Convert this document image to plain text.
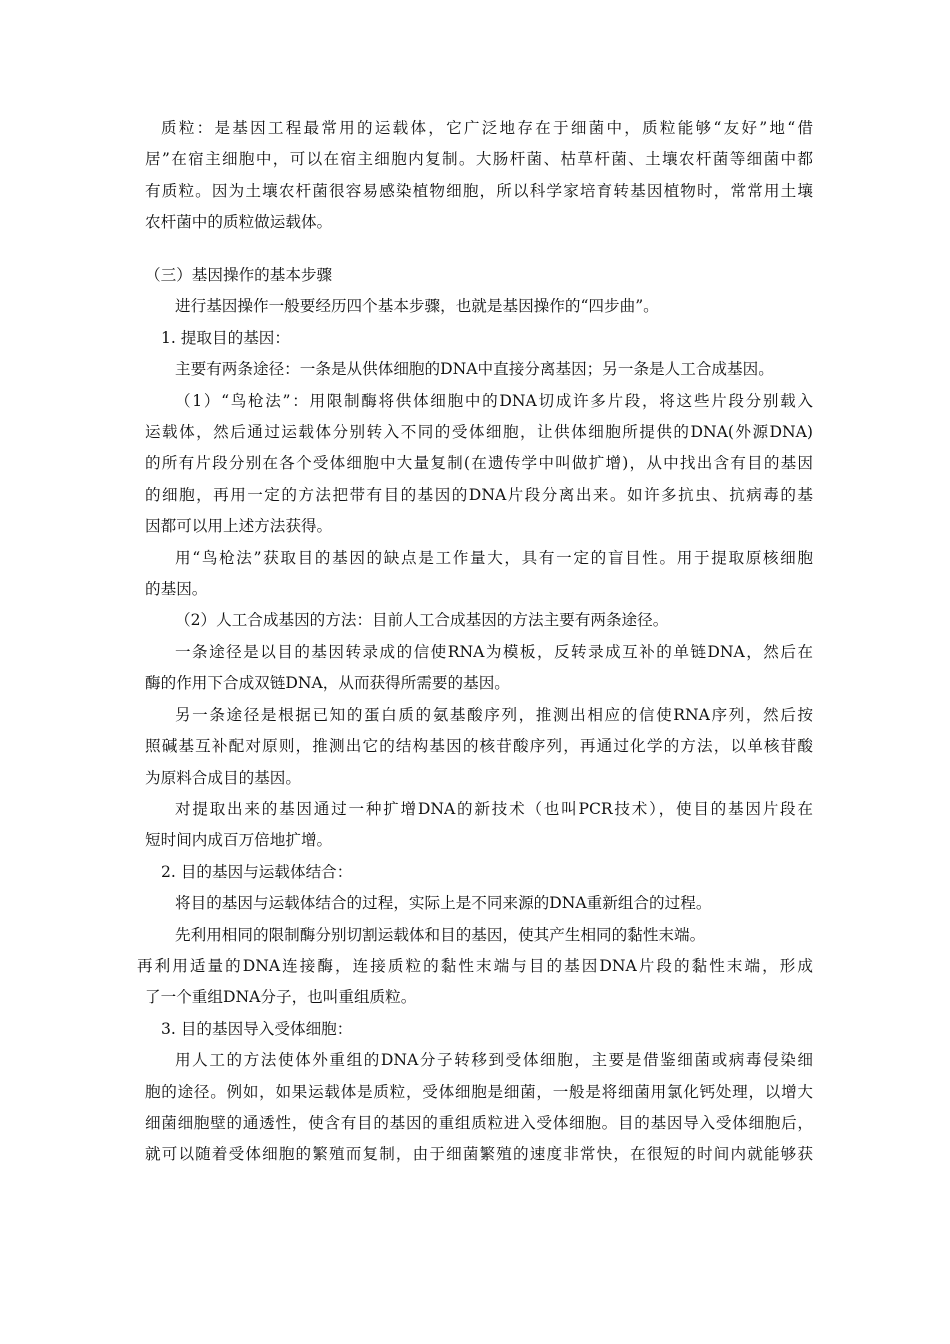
质粒：是基因工程最常用的运载体，它广泛地存在于细菌中，质粒能够“友好”地“借
居”在宿主细胞中，可以在宿主细胞内复制。大肠杆菌、枯草杆菌、土壤农杆菌等细菌中都
有质粒。因为土壤农杆菌很容易感染植物细胞，所以科学家培育转基因植物时，常常用土壤
农杆菌中的质粒做运载体。
（三）基因操作的基本步骤
进行基因操作一般要经历四个基本步骤，也就是基因操作的“四步曲”。
1. 提取目的基因：
主要有两条途径：一条是从供体细胞的DNA中直接分离基因；另一条是人工合成基因。
（1）“鸟枪法”：用限制酶将供体细胞中的DNA切成许多片段，将这些片段分别载入
运载体，然后通过运载体分别转入不同的受体细胞，让供体细胞所提供的DNA(外源DNA)
的所有片段分别在各个受体细胞中大量复制(在遗传学中叫做扩增)，从中找出含有目的基因
的细胞，再用一定的方法把带有目的基因的DNA片段分离出来。如许多抗虫、抗病毒的基
因都可以用上述方法获得。
用“鸟枪法”获取目的基因的缺点是工作量大，具有一定的盲目性。用于提取原核细胞
的基因。
（2）人工合成基因的方法：目前人工合成基因的方法主要有两条途径。
一条途径是以目的基因转录成的信使RNA为模板，反转录成互补的单链DNA，然后在
酶的作用下合成双链DNA，从而获得所需要的基因。
另一条途径是根据已知的蛋白质的氨基酸序列，推测出相应的信使RNA序列，然后按
照碱基互补配对原则，推测出它的结构基因的核苷酸序列，再通过化学的方法，以单核苷酸
为原料合成目的基因。
对提取出来的基因通过一种扩增DNA的新技术（也叫PCR技术），使目的基因片段在
短时间内成百万倍地扩增。
2. 目的基因与运载体结合：
将目的基因与运载体结合的过程，实际上是不同来源的DNA重新组合的过程。
先利用相同的限制酶分别切割运载体和目的基因，使其产生相同的黏性末端。
再利用适量的DNA连接酶，连接质粒的黏性末端与目的基因DNA片段的黏性末端，形成
了一个重组DNA分子，也叫重组质粒。
3. 目的基因导入受体细胞：
用人工的方法使体外重组的DNA分子转移到受体细胞，主要是借鉴细菌或病毒侵染细
胞的途径。例如，如果运载体是质粒，受体细胞是细菌，一般是将细菌用氯化钙处理，以增大
细菌细胞壁的通透性，使含有目的基因的重组质粒进入受体细胞。目的基因导入受体细胞后，
就可以随着受体细胞的繁殖而复制，由于细菌繁殖的速度非常快，在很短的时间内就能够获
